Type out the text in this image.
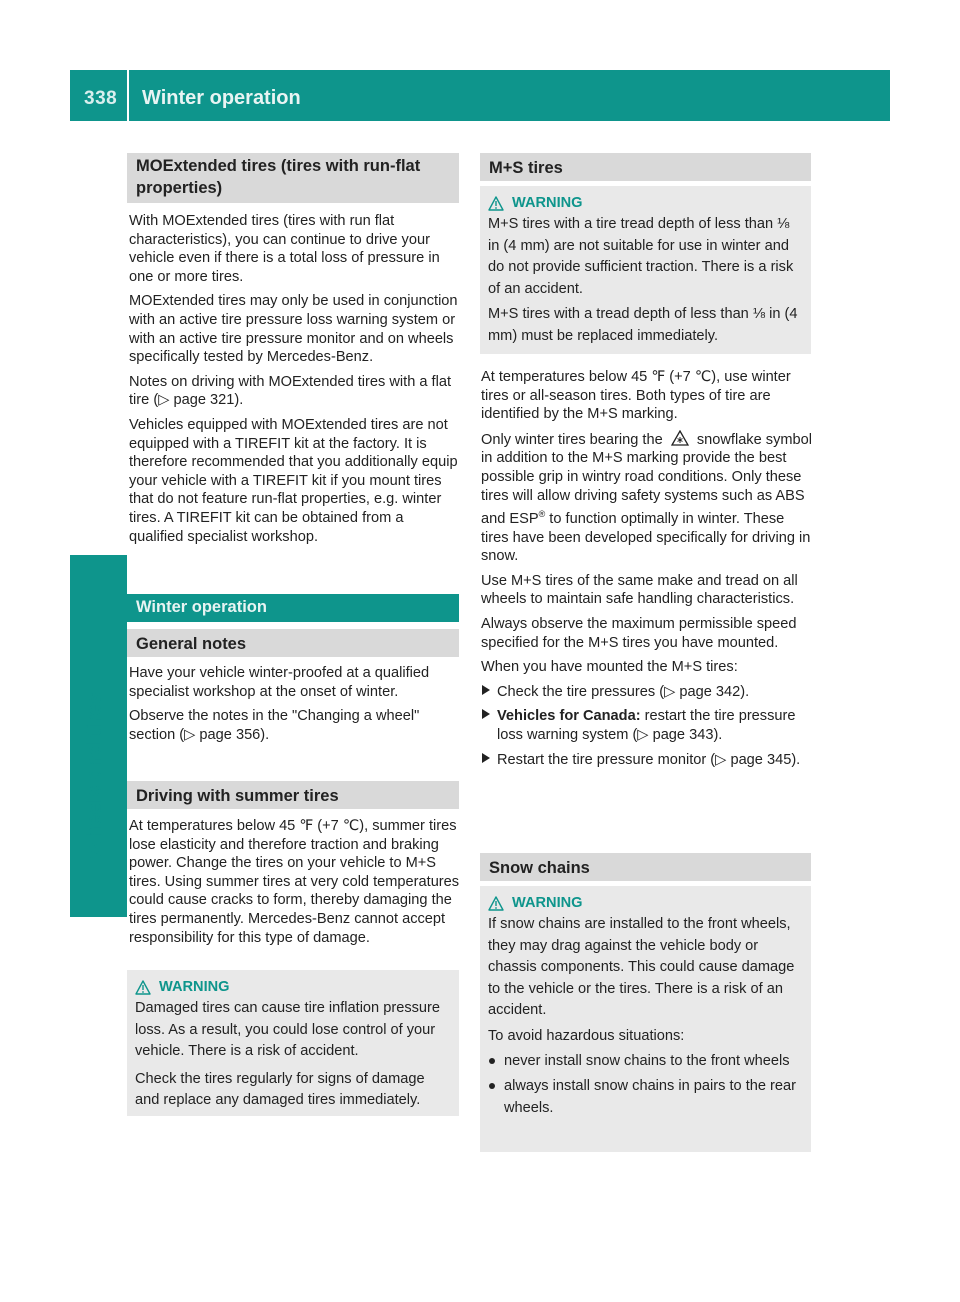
338 Winter operation
Wheels and tires
MOExtended tires (tires with run-flat properties)

With MOExtended tires (tires with run flat characteristics), you can continue to drive your vehicle even if there is a total loss of pressure in one or more tires.

MOExtended tires may only be used in conjunction with an active tire pressure loss warning system or with an active tire pressure monitor and on wheels specifically tested by Mercedes-Benz.

Notes on driving with MOExtended tires with a flat tire (▷ page 321).

Vehicles equipped with MOExtended tires are not equipped with a TIREFIT kit at the factory. It is therefore recommended that you additionally equip your vehicle with a TIREFIT kit if you mount tires that do not feature run-flat properties, e.g. winter tires. A TIREFIT kit can be obtained from a qualified specialist workshop.

Winter operation
General notes

Have your vehicle winter-proofed at a qualified specialist workshop at the onset of winter.

Observe the notes in the "Changing a wheel" section (▷ page 356).

Driving with summer tires

At temperatures below 45 ℉ (+7 ℃), summer tires lose elasticity and therefore traction and braking power. Change the tires on your vehicle to M+S tires. Using summer tires at very cold temperatures could cause cracks to form, thereby damaging the tires permanently. Mercedes-Benz cannot accept responsibility for this type of damage.

WARNING

Damaged tires can cause tire inflation pressure loss. As a result, you could lose control of your vehicle. There is a risk of accident.

Check the tires regularly for signs of damage and replace any damaged tires immediately.

M+S tires
WARNING

M+S tires with a tire tread depth of less than ⅛ in (4 mm) are not suitable for use in winter and do not provide sufficient traction. There is a risk of an accident.

M+S tires with a tread depth of less than ⅛ in (4 mm) must be replaced immediately.

At temperatures below 45 ℉ (+7 ℃), use winter tires or all-season tires. Both types of tire are identified by the M+S marking.

Only winter tires bearing the snowflake symbol in addition to the M+S marking provide the best possible grip in wintry road conditions. Only these tires will allow driving safety systems such as ABS and ESP® to function optimally in winter. These tires have been developed specifically for driving in snow.

Use M+S tires of the same make and tread on all wheels to maintain safe handling characteristics.

Always observe the maximum permissible speed specified for the M+S tires you have mounted.

When you have mounted the M+S tires:

Check the tire pressures (▷ page 342).

Vehicles for Canada: restart the tire pressure loss warning system (▷ page 343).

Restart the tire pressure monitor (▷ page 345).

Snow chains
WARNING

If snow chains are installed to the front wheels, they may drag against the vehicle body or chassis components. This could cause damage to the vehicle or the tires. There is a risk of an accident.

To avoid hazardous situations:

never install snow chains to the front wheels

always install snow chains in pairs to the rear wheels.
